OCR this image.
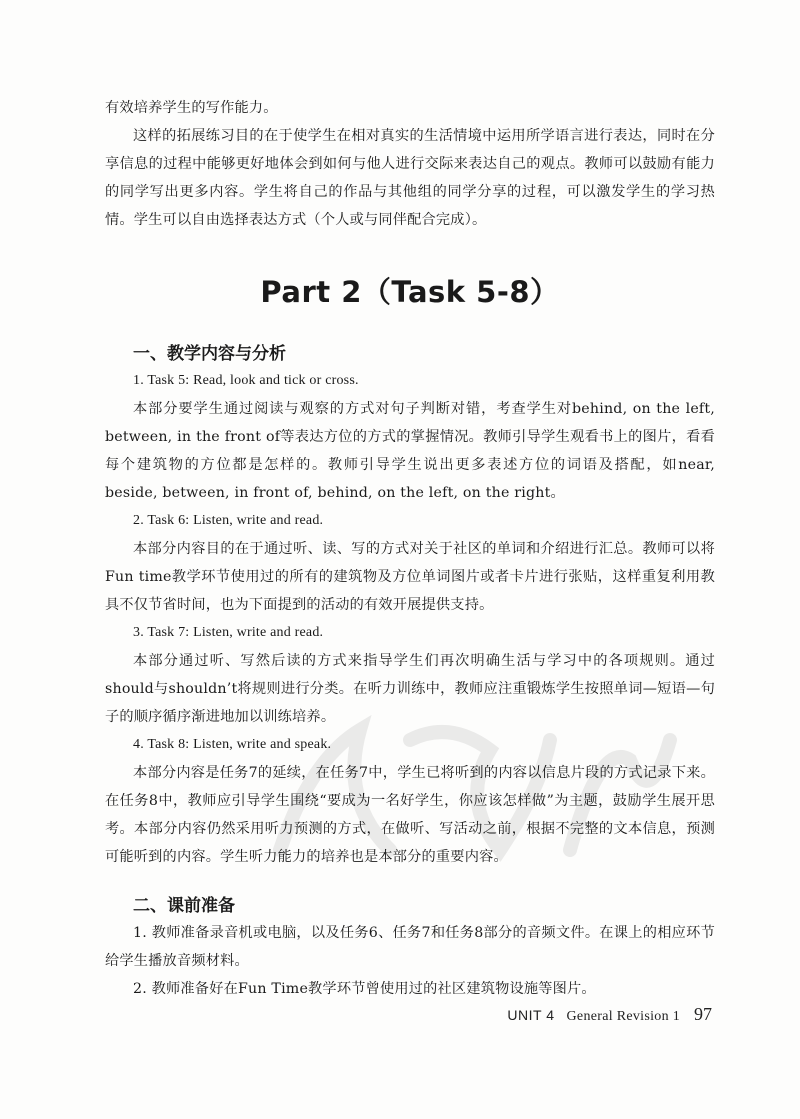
有效培养学生的写作能力。

这样的拓展练习目的在于使学生在相对真实的生活情境中运用所学语言进行表达，同时在分享信息的过程中能够更好地体会到如何与他人进行交际来表达自己的观点。教师可以鼓励有能力的同学写出更多内容。学生将自己的作品与其他组的同学分享的过程，可以激发学生的学习热情。学生可以自由选择表达方式（个人或与同伴配合完成）。

Part 2（Task 5-8）
一、教学内容与分析

1. Task 5: Read, look and tick or cross.

本部分要学生通过阅读与观察的方式对句子判断对错，考查学生对behind, on the left, between, in the front of等表达方位的方式的掌握情况。教师引导学生观看书上的图片，看看每个建筑物的方位都是怎样的。教师引导学生说出更多表述方位的词语及搭配，如near, beside, between, in front of, behind, on the left, on the right。

2. Task 6: Listen, write and read.

本部分内容目的在于通过听、读、写的方式对关于社区的单词和介绍进行汇总。教师可以将Fun time教学环节使用过的所有的建筑物及方位单词图片或者卡片进行张贴，这样重复利用教具不仅节省时间，也为下面提到的活动的有效开展提供支持。

3. Task 7: Listen, write and read.

本部分通过听、写然后读的方式来指导学生们再次明确生活与学习中的各项规则。通过should与shouldn’t将规则进行分类。在听力训练中，教师应注重锻炼学生按照单词—短语—句子的顺序循序渐进地加以训练培养。

4. Task 8: Listen, write and speak.

本部分内容是任务7的延续，在任务7中，学生已将听到的内容以信息片段的方式记录下来。在任务8中，教师应引导学生围绕“要成为一名好学生，你应该怎样做”为主题，鼓励学生展开思考。本部分内容仍然采用听力预测的方式，在做听、写活动之前，根据不完整的文本信息，预测可能听到的内容。学生听力能力的培养也是本部分的重要内容。

二、课前准备

1. 教师准备录音机或电脑，以及任务6、任务7和任务8部分的音频文件。在课上的相应环节给学生播放音频材料。

2. 教师准备好在Fun Time教学环节曾使用过的社区建筑物设施等图片。

UNIT 4 General Revision 1 97
